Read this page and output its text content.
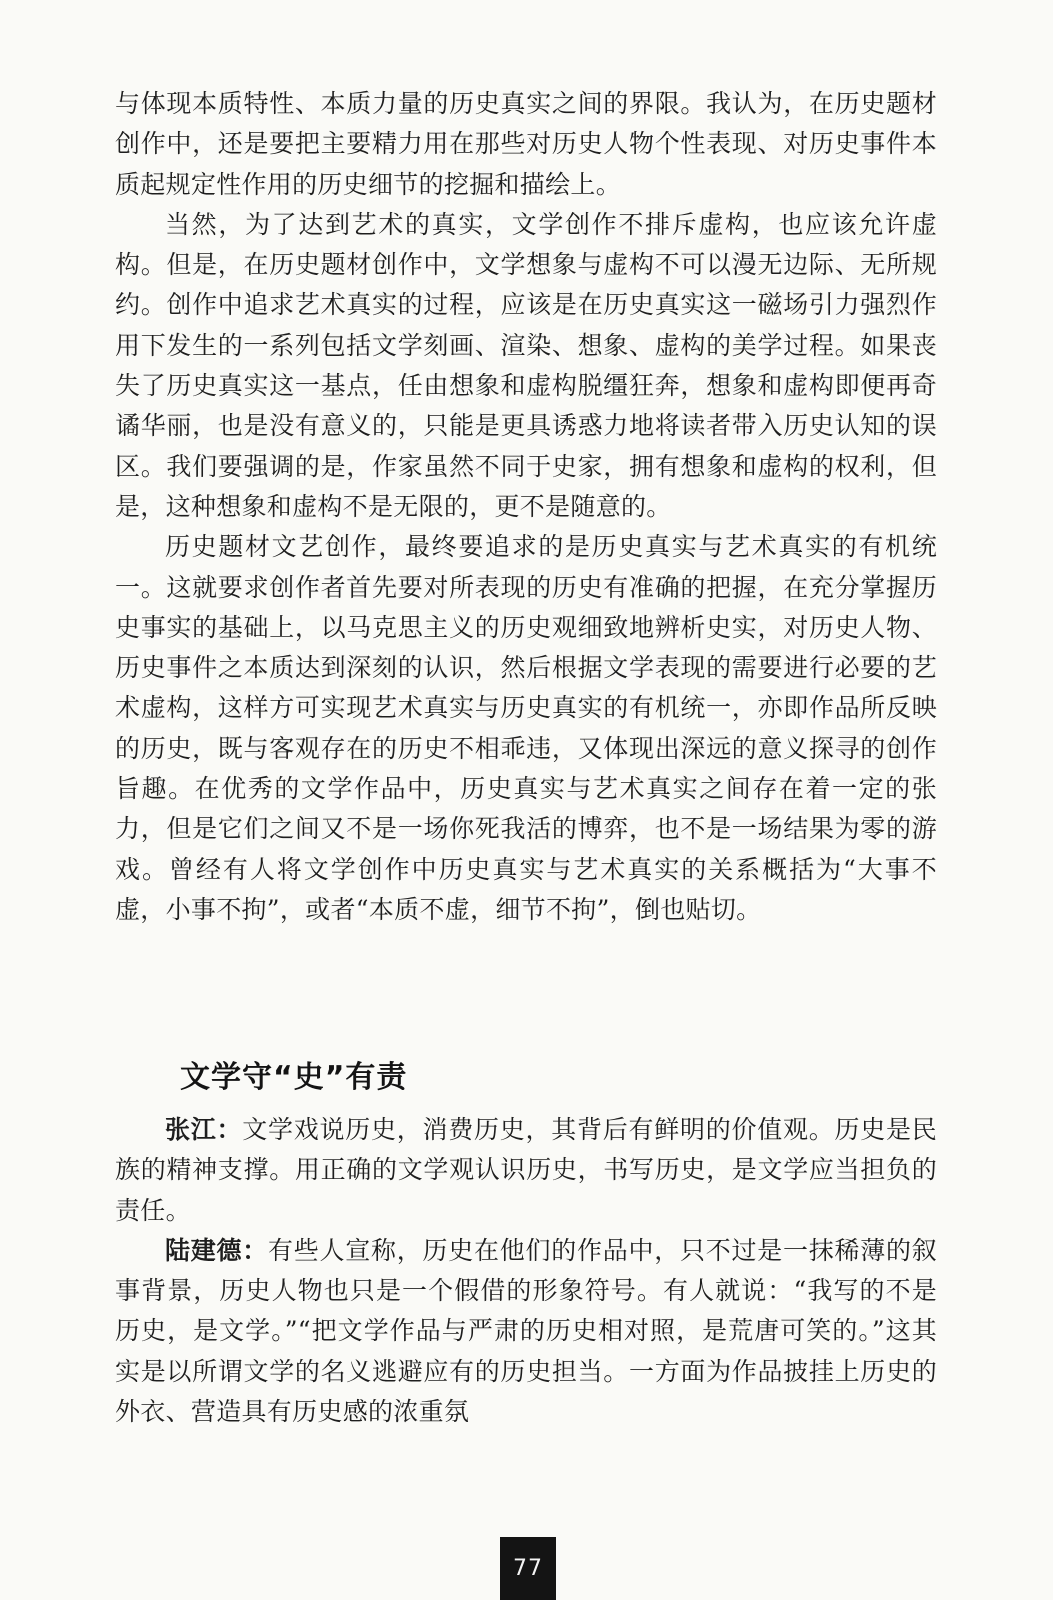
与体现本质特性、本质力量的历史真实之间的界限。我认为，在历史题材创作中，还是要把主要精力用在那些对历史人物个性表现、对历史事件本质起规定性作用的历史细节的挖掘和描绘上。

当然，为了达到艺术的真实，文学创作不排斥虚构，也应该允许虚构。但是，在历史题材创作中，文学想象与虚构不可以漫无边际、无所规约。创作中追求艺术真实的过程，应该是在历史真实这一磁场引力强烈作用下发生的一系列包括文学刻画、渲染、想象、虚构的美学过程。如果丧失了历史真实这一基点，任由想象和虚构脱缰狂奔，想象和虚构即便再奇谲华丽，也是没有意义的，只能是更具诱惑力地将读者带入历史认知的误区。我们要强调的是，作家虽然不同于史家，拥有想象和虚构的权利，但是，这种想象和虚构不是无限的，更不是随意的。

历史题材文艺创作，最终要追求的是历史真实与艺术真实的有机统一。这就要求创作者首先要对所表现的历史有准确的把握，在充分掌握历史事实的基础上，以马克思主义的历史观细致地辨析史实，对历史人物、历史事件之本质达到深刻的认识，然后根据文学表现的需要进行必要的艺术虚构，这样方可实现艺术真实与历史真实的有机统一，亦即作品所反映的历史，既与客观存在的历史不相乖违，又体现出深远的意义探寻的创作旨趣。在优秀的文学作品中，历史真实与艺术真实之间存在着一定的张力，但是它们之间又不是一场你死我活的博弈，也不是一场结果为零的游戏。曾经有人将文学创作中历史真实与艺术真实的关系概括为“大事不虚，小事不拘”，或者“本质不虚，细节不拘”，倒也贴切。

文学守“史”有责

张江：文学戏说历史，消费历史，其背后有鲜明的价值观。历史是民族的精神支撑。用正确的文学观认识历史，书写历史，是文学应当担负的责任。

陆建德：有些人宣称，历史在他们的作品中，只不过是一抹稀薄的叙事背景，历史人物也只是一个假借的形象符号。有人就说：“我写的不是历史，是文学。”“把文学作品与严肃的历史相对照，是荒唐可笑的。”这其实是以所谓文学的名义逃避应有的历史担当。一方面为作品披挂上历史的外衣、营造具有历史感的浓重氛

77
